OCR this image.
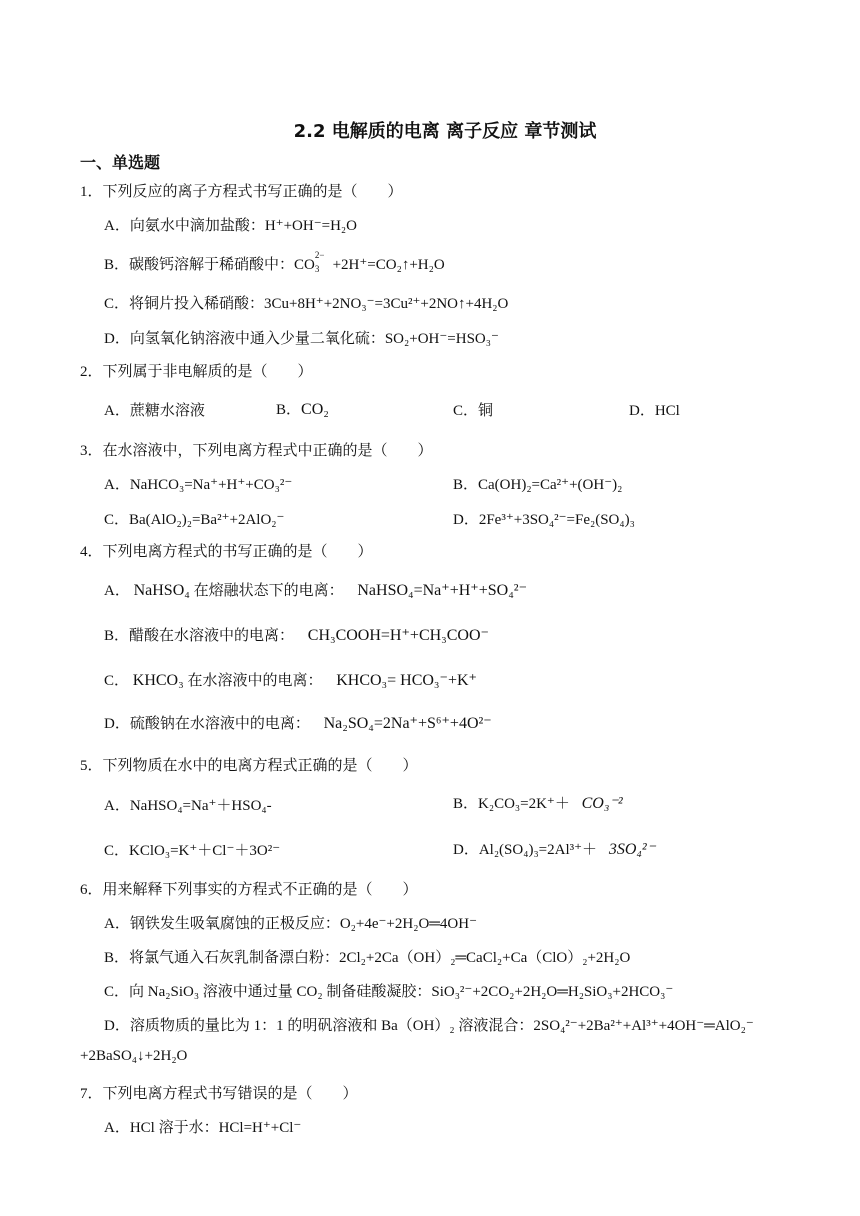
2.2 电解质的电离 离子反应 章节测试
一、单选题
1．下列反应的离子方程式书写正确的是（　　）
A．向氨水中滴加盐酸：H⁺+OH⁻=H₂O
B．碳酸钙溶解于稀硝酸中：CO
2−
3 +2H⁺=CO₂↑+H₂O
C．将铜片投入稀硝酸：3Cu+8H⁺+2NO₃⁻=3Cu²⁺+2NO↑+4H₂O
D．向氢氧化钠溶液中通入少量二氧化硫：SO₂+OH⁻=HSO₃⁻
2．下列属于非电解质的是（　　）
A．蔗糖水溶液	B．CO₂	C．铜	D．HCl
3．在水溶液中，下列电离方程式中正确的是（　　）
A．NaHCO₃=Na⁺+H⁺+CO₃²⁻	B．Ca(OH)₂=Ca²⁺+(OH⁻)₂
C．Ba(AlO₂)₂=Ba²⁺+2AlO₂⁻	D．2Fe³⁺+3SO₄²⁻=Fe₂(SO₄)₃
4．下列电离方程式的书写正确的是（　　）
A． NaHSO₄ 在熔融状态下的电离： NaHSO₄=Na⁺+H⁺+SO₄²⁻
B．醋酸在水溶液中的电离： CH₃COOH=H⁺+CH₃COO⁻
C． KHCO₃ 在水溶液中的电离： KHCO₃= HCO₃⁻+K⁺
D．硫酸钠在水溶液中的电离： Na₂SO₄=2Na⁺+S⁶⁺+4O²⁻
5．下列物质在水中的电离方程式正确的是（　　）
A．NaHSO₄=Na⁺＋HSO₄-	B．K₂CO₃=2K⁺＋ CO₃⁻²
C．KClO₃=K⁺＋Cl⁻＋3O²⁻	D．Al₂(SO₄)₃=2Al³⁺＋ 3SO₄²⁻
6．用来解释下列事实的方程式不正确的是（　　）
A．钢铁发生吸氧腐蚀的正极反应：O₂+4e⁻+2H₂O═4OH⁻
B．将氯气通入石灰乳制备漂白粉：2Cl₂+2Ca（OH）₂═CaCl₂+Ca（ClO）₂+2H₂O
C．向 Na₂SiO₃ 溶液中通过量 CO₂ 制备硅酸凝胶：SiO₃²⁻+2CO₂+2H₂O═H₂SiO₃+2HCO₃⁻
D．溶质物质的量比为 1：1 的明矾溶液和 Ba（OH）₂ 溶液混合：2SO₄²⁻+2Ba²⁺+Al³⁺+4OH⁻═AlO₂⁻
+2BaSO₄↓+2H₂O
7．下列电离方程式书写错误的是（　　）
A．HCl 溶于水：HCl=H⁺+Cl⁻
